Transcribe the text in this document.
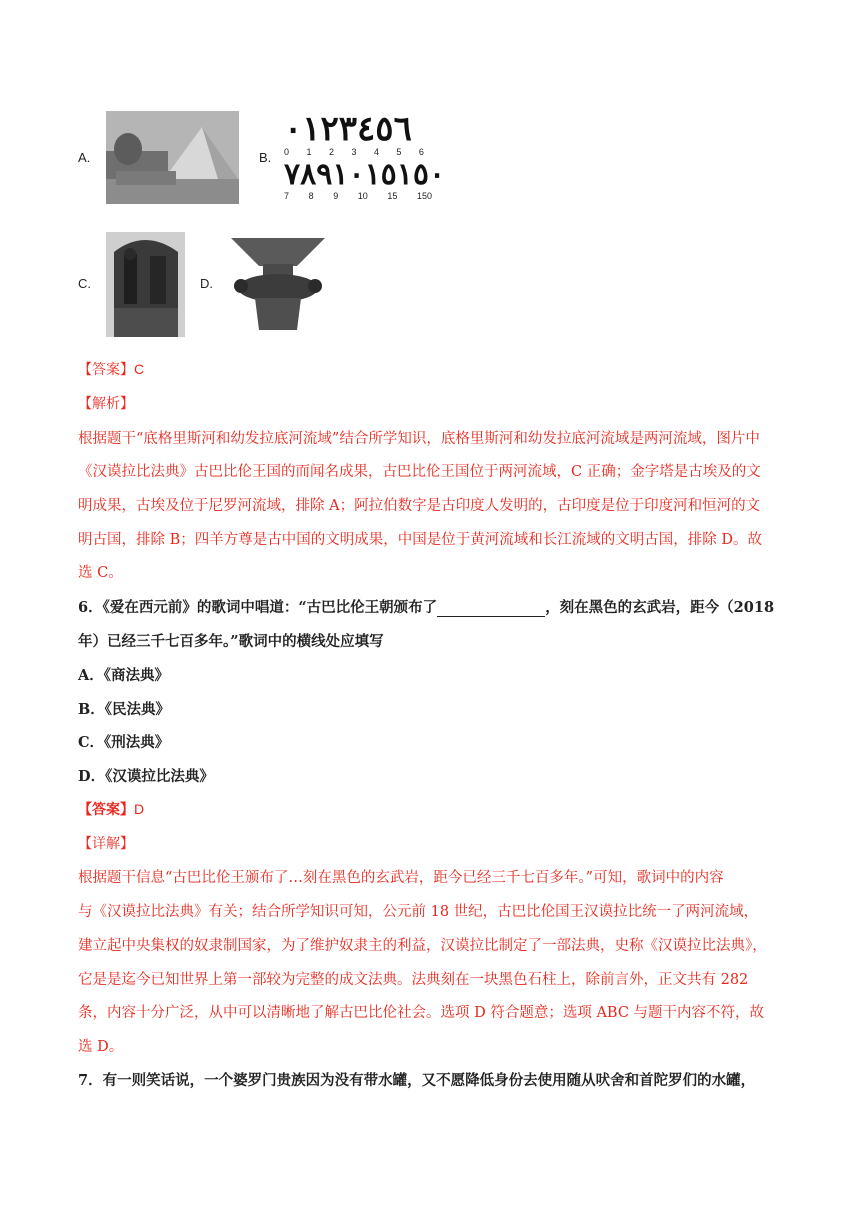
A.	B.
٠١٢٣٤٥٦
0 1 2 3 4 5 6
٧٨٩١٠١٥١٥٠
7 8 9 10 15 150
C.	D.
【答案】C
【解析】
根据题干“底格里斯河和幼发拉底河流域”结合所学知识，底格里斯河和幼发拉底河流域是两河流域，图片中
《汉谟拉比法典》古巴比伦王国的而闻名成果，古巴比伦王国位于两河流域，C 正确；金字塔是古埃及的文
明成果，古埃及位于尼罗河流域，排除 A；阿拉伯数字是古印度人发明的，古印度是位于印度河和恒河的文
明古国，排除 B；四羊方尊是古中国的文明成果，中国是位于黄河流域和长江流域的文明古国，排除 D。故
选 C。
6．《爱在西元前》的歌词中唱道：“古巴比伦王朝颁布了	，刻在黑色的玄武岩，距今（2018
年）已经三千七百多年。”歌词中的横线处应填写
A．《商法典》
B．《民法典》
C．《刑法典》
D．《汉谟拉比法典》
【答案】D
【详解】
根据题干信息“古巴比伦王颁布了…刻在黑色的玄武岩，距今已经三千七百多年。”可知，歌词中的内容
与《汉谟拉比法典》有关；结合所学知识可知，公元前 18 世纪，古巴比伦国王汉谟拉比统一了两河流域，
建立起中央集权的奴隶制国家，为了维护奴隶主的利益，汉谟拉比制定了一部法典，史称《汉谟拉比法典》，
它是是迄今已知世界上第一部较为完整的成文法典。法典刻在一块黑色石柱上，除前言外，正文共有 282
条，内容十分广泛，从中可以清晰地了解古巴比伦社会。选项 D 符合题意；选项 ABC 与题干内容不符，故
选 D。
7．有一则笑话说，一个婆罗门贵族因为没有带水罐，又不愿降低身份去使用随从吠舍和首陀罗们的水罐，
